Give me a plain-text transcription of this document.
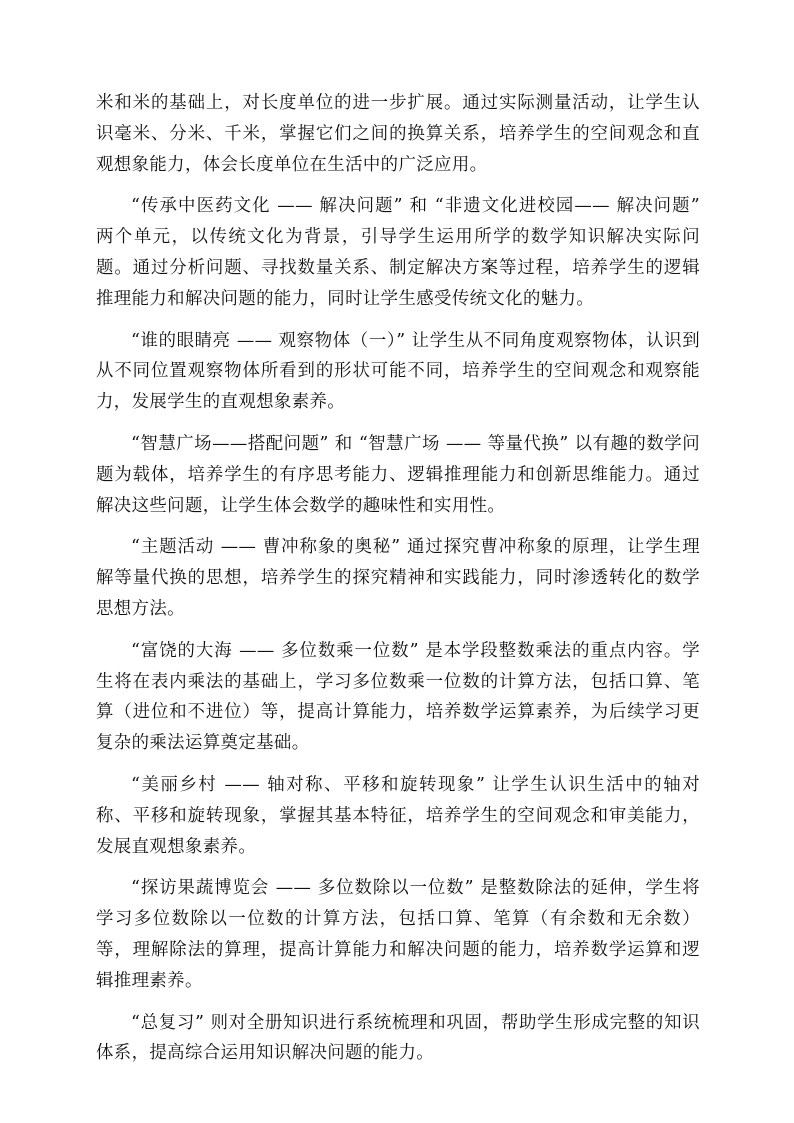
米和米的基础上，对长度单位的进一步扩展。通过实际测量活动，让学生认识毫米、分米、千米，掌握它们之间的换算关系，培养学生的空间观念和直观想象能力，体会长度单位在生活中的广泛应用。

“传承中医药文化 —— 解决问题” 和 “非遗文化进校园—— 解决问题” 两个单元，以传统文化为背景，引导学生运用所学的数学知识解决实际问题。通过分析问题、寻找数量关系、制定解决方案等过程，培养学生的逻辑推理能力和解决问题的能力，同时让学生感受传统文化的魅力。

“谁的眼睛亮 —— 观察物体（一）” 让学生从不同角度观察物体，认识到从不同位置观察物体所看到的形状可能不同，培养学生的空间观念和观察能力，发展学生的直观想象素养。

“智慧广场——搭配问题” 和 “智慧广场 —— 等量代换” 以有趣的数学问题为载体，培养学生的有序思考能力、逻辑推理能力和创新思维能力。通过解决这些问题，让学生体会数学的趣味性和实用性。

“主题活动 —— 曹冲称象的奥秘” 通过探究曹冲称象的原理，让学生理解等量代换的思想，培养学生的探究精神和实践能力，同时渗透转化的数学思想方法。

“富饶的大海 —— 多位数乘一位数” 是本学段整数乘法的重点内容。学生将在表内乘法的基础上，学习多位数乘一位数的计算方法，包括口算、笔算（进位和不进位）等，提高计算能力，培养数学运算素养，为后续学习更复杂的乘法运算奠定基础。

“美丽乡村 —— 轴对称、平移和旋转现象” 让学生认识生活中的轴对称、平移和旋转现象，掌握其基本特征，培养学生的空间观念和审美能力，发展直观想象素养。

“探访果蔬博览会 —— 多位数除以一位数” 是整数除法的延伸，学生将学习多位数除以一位数的计算方法，包括口算、笔算（有余数和无余数）等，理解除法的算理，提高计算能力和解决问题的能力，培养数学运算和逻辑推理素养。

“总复习” 则对全册知识进行系统梳理和巩固，帮助学生形成完整的知识体系，提高综合运用知识解决问题的能力。
